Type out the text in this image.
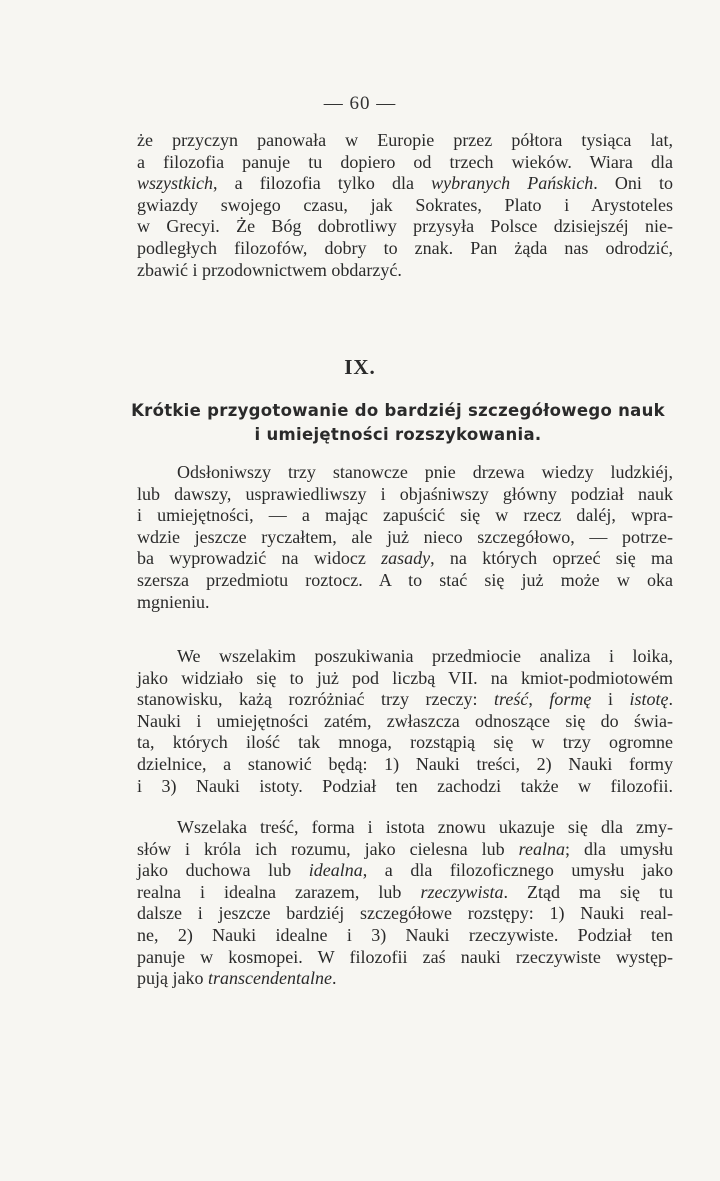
— 60 —
że przyczyn panowała w Europie przez półtora tysiąca lat,
a filozofia panuje tu dopiero od trzech wieków. Wiara dla
wszystkich, a filozofia tylko dla wybranych Pańskich. Oni to
gwiazdy swojego czasu, jak Sokrates, Plato i Arystoteles
w Grecyi. Że Bóg dobrotliwy przysyła Polsce dzisiejszéj nie-
podległych filozofów, dobry to znak. Pan żąda nas odrodzić,
zbawić i przodownictwem obdarzyć.
IX.
Krótkie przygotowanie do bardziéj szczegółowego nauk
i umiejętności rozszykowania.
Odsłoniwszy trzy stanowcze pnie drzewa wiedzy ludzkiéj,
lub dawszy, usprawiedliwszy i objaśniwszy główny podział nauk
i umiejętności, — a mając zapuścić się w rzecz daléj, wpra-
wdzie jeszcze ryczałtem, ale już nieco szczegółowo, — potrze-
ba wyprowadzić na widocz zasady, na których oprzeć się ma
szersza przedmiotu roztocz. A to stać się już może w oka
mgnieniu.
We wszelakim poszukiwania przedmiocie analiza i loika,
jako widziało się to już pod liczbą VII. na kmiot-podmiotowém
stanowisku, każą rozróżniać trzy rzeczy: treść, formę i istotę.
Nauki i umiejętności zatém, zwłaszcza odnoszące się do świa-
ta, których ilość tak mnoga, rozstąpią się w trzy ogromne
dzielnice, a stanowić będą: 1) Nauki treści, 2) Nauki formy
i 3) Nauki istoty. Podział ten zachodzi także w filozofii.
Wszelaka treść, forma i istota znowu ukazuje się dla zmy-
słów i króla ich rozumu, jako cielesna lub realna; dla umysłu
jako duchowa lub idealna, a dla filozoficznego umysłu jako
realna i idealna zarazem, lub rzeczywista. Ztąd ma się tu
dalsze i jeszcze bardziéj szczegółowe rozstępy: 1) Nauki real-
ne, 2) Nauki idealne i 3) Nauki rzeczywiste. Podział ten
panuje w kosmopei. W filozofii zaś nauki rzeczywiste występ-
pują jako transcendentalne.
